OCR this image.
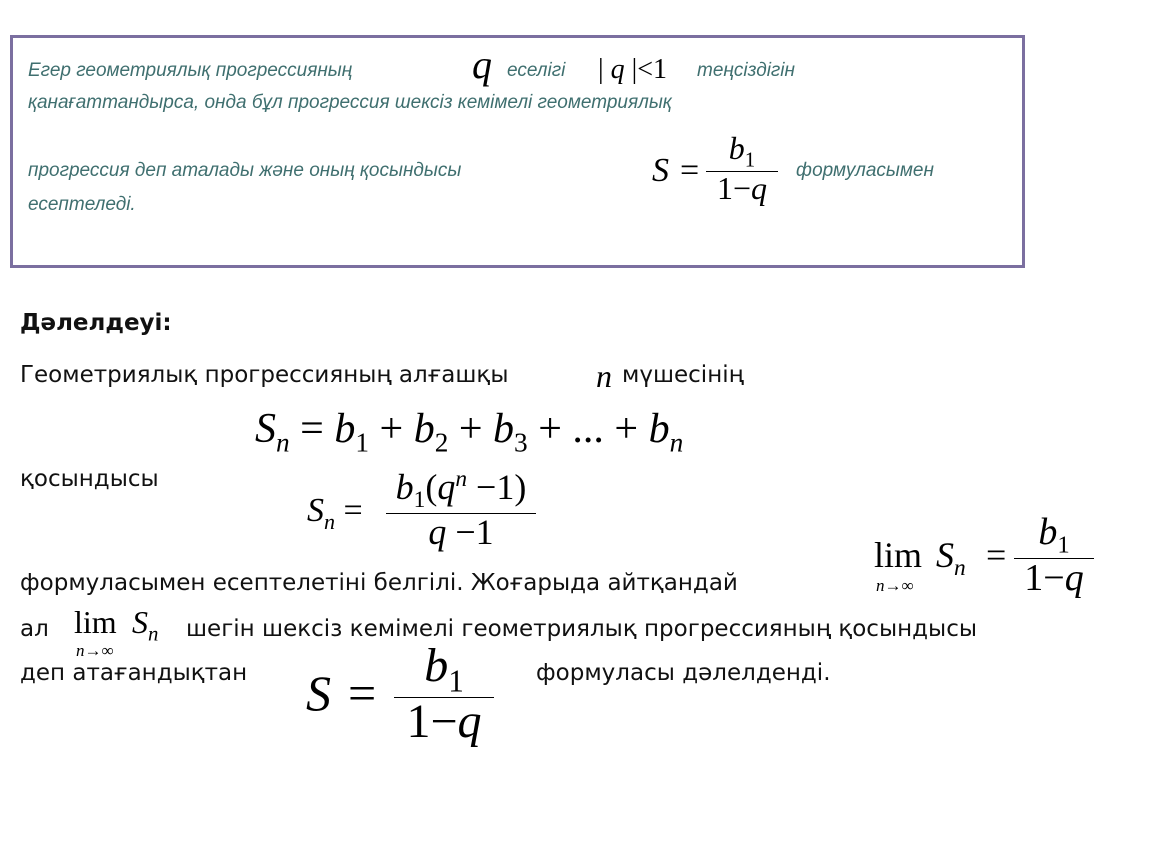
Егер геометриялық прогрессияның	q еселігі | q |<1 теңсіздігін
қанағаттандырса, онда бұл прогрессия шексіз кемімелі геометриялық
прогрессия деп аталады және оның қосындысы	S =
$b_1$
1−q	формуласымен
есептеледі.
Дәлелдеуі:
Геометриялық прогрессияның алғашқы	n мүшесінің
$S_n = b_1 + b_2 + b_3$ + ... + $b_n$
қосындысы
$S_n$ =
$b_1(q^n -1)$
q −1
формуласымен есептелетіні белгілі. Жоғарыда айтқандай
lim
n→∞
$S_n$ =
$b_1$
1−q
ал lim
n→∞
$S_n$ шегін шексіз кемімелі геометриялық прогрессияның қосындысы
деп атағандықтан S =	$b_1$
1−q
формуласы дәлелденді.
